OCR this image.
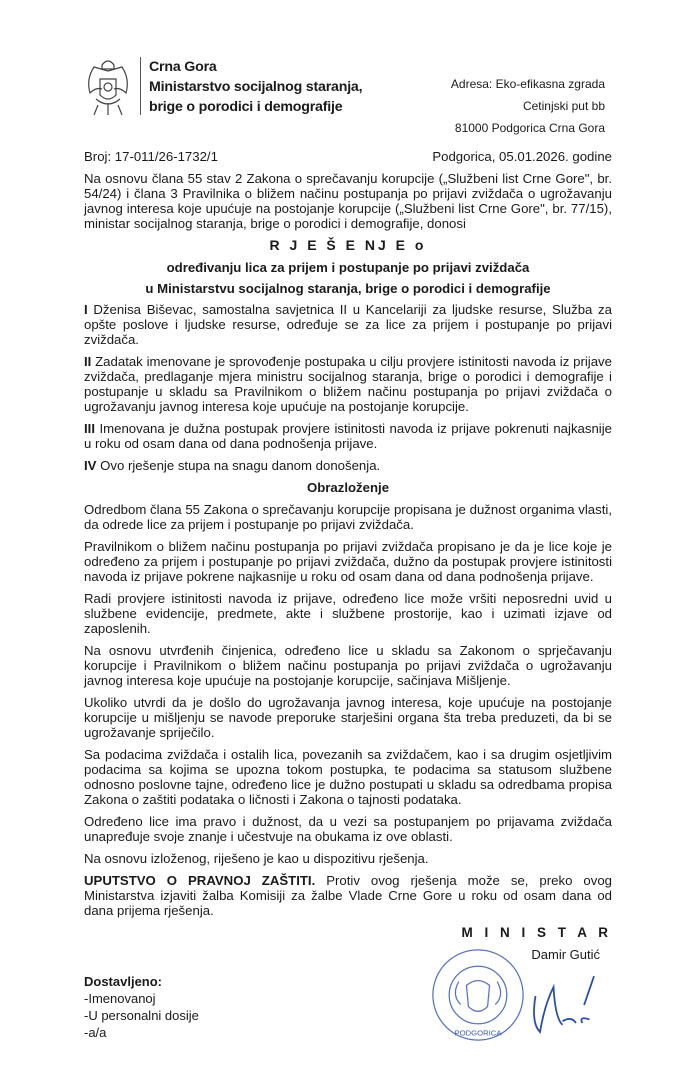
Crna Gora
Ministarstvo socijalnog staranja,
brige o porodici i demografije
Adresa: Eko-efikasna zgrada
Cetinjski put bb
81000 Podgorica Crna Gora
Broj: 17-011/26-1732/1	Podgorica, 05.01.2026. godine

Na osnovu člana 55 stav 2 Zakona o sprečavanju korupcije („Službeni list Crne Gore", br. 54/24) i člana 3 Pravilnika o bližem načinu postupanja po prijavi zviždača o ugrožavanju javnog interesa koje upućuje na postojanje korupcije („Službeni list Crne Gore", br. 77/15), ministar socijalnog staranja, brige o porodici i demografije, donosi

R J E Š E NJ E o

određivanju lica za prijem i postupanje po prijavi zviždača

u Ministarstvu socijalnog staranja, brige o porodici i demografije

I Dženisa Biševac, samostalna savjetnica II u Kancelariji za ljudske resurse, Služba za opšte poslove i ljudske resurse, određuje se za lice za prijem i postupanje po prijavi zviždača.

II Zadatak imenovane je sprovođenje postupaka u cilju provjere istinitosti navoda iz prijave zviždača, predlaganje mjera ministru socijalnog staranja, brige o porodici i demografije i postupanje u skladu sa Pravilnikom o bližem načinu postupanja po prijavi zviždača o ugrožavanju javnog interesa koje upućuje na postojanje korupcije.

III Imenovana je dužna postupak provjere istinitosti navoda iz prijave pokrenuti najkasnije u roku od osam dana od dana podnošenja prijave.

IV Ovo rješenje stupa na snagu danom donošenja.

Obrazloženje

Odredbom člana 55 Zakona o sprečavanju korupcije propisana je dužnost organima vlasti, da odrede lice za prijem i postupanje po prijavi zviždača.

Pravilnikom o bližem načinu postupanja po prijavi zviždača propisano je da je lice koje je određeno za prijem i postupanje po prijavi zviždača, dužno da postupak provjere istinitosti navoda iz prijave pokrene najkasnije u roku od osam dana od dana podnošenja prijave.

Radi provjere istinitosti navoda iz prijave, određeno lice može vršiti neposredni uvid u službene evidencije, predmete, akte i službene prostorije, kao i uzimati izjave od zaposlenih.

Na osnovu utvrđenih činjenica, određeno lice u skladu sa Zakonom o sprječavanju korupcije i Pravilnikom o bližem načinu postupanja po prijavi zviždača o ugrožavanju javnog interesa koje upućuje na postojanje korupcije, sačinjava Mišljenje.

Ukoliko utvrdi da je došlo do ugrožavanja javnog interesa, koje upućuje na postojanje korupcije u mišljenju se navode preporuke starješini organa šta treba preduzeti, da bi se ugrožavanje spriječilo.

Sa podacima zviždača i ostalih lica, povezanih sa zviždačem, kao i sa drugim osjetljivim podacima sa kojima se upozna tokom postupka, te podacima sa statusom službene odnosno poslovne tajne, određeno lice je dužno postupati u skladu sa odredbama propisa Zakona o zaštiti podataka o ličnosti i Zakona o tajnosti podataka.

Određeno lice ima pravo i dužnost, da u vezi sa postupanjem po prijavama zviždača unapređuje svoje znanje i učestvuje na obukama iz ove oblasti.

Na osnovu izloženog, riješeno je kao u dispozitivu rješenja.

UPUTSTVO O PRAVNOJ ZAŠTITI. Protiv ovog rješenja može se, preko ovog Ministarstva izjaviti žalba Komisiji za žalbe Vlade Crne Gore u roku od osam dana od dana prijema rješenja.

PODGORICA
M I N I S T A R
Damir Gutić
Dostavljeno:
-Imenovanoj
-U personalni dosije
-a/a
